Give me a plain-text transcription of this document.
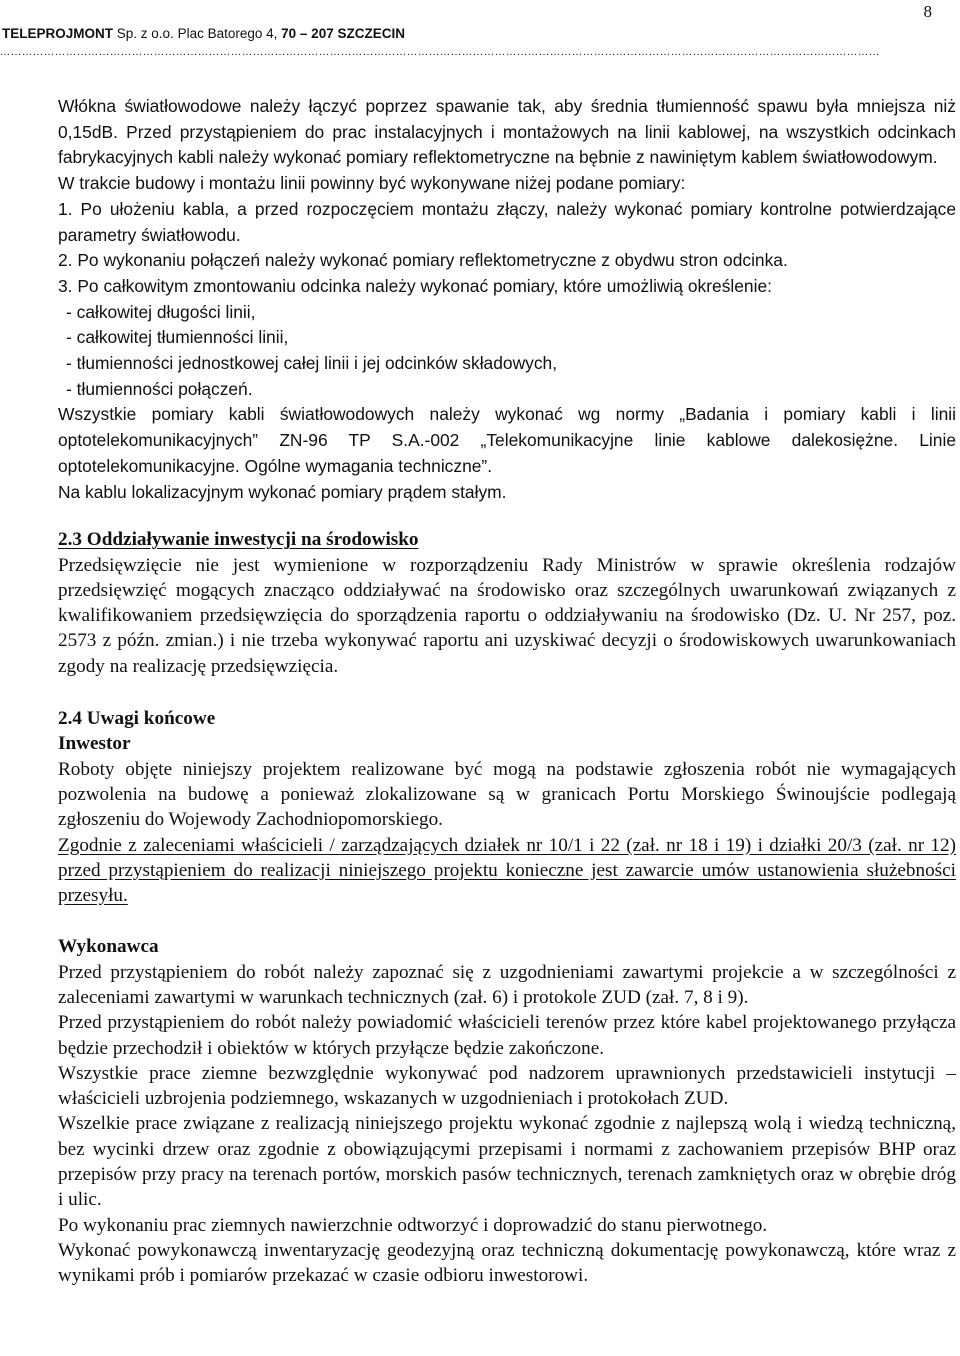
8
TELEPROJMONT Sp. z o.o. Plac Batorego 4, 70 – 207 SZCZECIN
……………………………………………………………………………………………………………………………………………………………………………………………………………………

Włókna światłowodowe należy łączyć poprzez spawanie tak, aby średnia tłumienność spawu była mniejsza niż 0,15dB. Przed przystąpieniem do prac instalacyjnych i montażowych na linii kablowej, na wszystkich odcinkach fabrykacyjnych kabli należy wykonać pomiary reflektometryczne na bębnie z nawiniętym kablem światłowodowym.

W trakcie budowy i montażu linii powinny być wykonywane niżej podane pomiary:

1. Po ułożeniu kabla, a przed rozpoczęciem montażu złączy, należy wykonać pomiary kontrolne potwierdzające parametry światłowodu.

2. Po wykonaniu połączeń należy wykonać pomiary reflektometryczne z obydwu stron odcinka.

3. Po całkowitym zmontowaniu odcinka należy wykonać pomiary, które umożliwią określenie:

- całkowitej długości linii,

- całkowitej tłumienności linii,

- tłumienności jednostkowej całej linii i jej odcinków składowych,

- tłumienności połączeń.

Wszystkie pomiary kabli światłowodowych należy wykonać wg normy „Badania i pomiary kabli i linii optotelekomunikacyjnych” ZN-96 TP S.A.-002 „Telekomunikacyjne linie kablowe dalekosiężne. Linie optotelekomunikacyjne. Ogólne wymagania techniczne”.

Na kablu lokalizacyjnym wykonać pomiary prądem stałym.

2.3 Oddziaływanie inwestycji na środowisko

Przedsięwzięcie nie jest wymienione w rozporządzeniu Rady Ministrów w sprawie określenia rodzajów przedsięwzięć mogących znacząco oddziaływać na środowisko oraz szczególnych uwarunkowań związanych z kwalifikowaniem przedsięwzięcia do sporządzenia raportu o oddziaływaniu na środowisko (Dz. U. Nr 257, poz. 2573 z późn. zmian.) i nie trzeba wykonywać raportu ani uzyskiwać decyzji o środowiskowych uwarunkowaniach zgody na realizację przedsięwzięcia.

2.4 Uwagi końcowe

Inwestor

Roboty objęte niniejszy projektem realizowane być mogą na podstawie zgłoszenia robót nie wymagających pozwolenia na budowę a ponieważ zlokalizowane są w granicach Portu Morskiego Świnoujście podlegają zgłoszeniu do Wojewody Zachodniopomorskiego.

Zgodnie z zaleceniami właścicieli / zarządzających działek nr 10/1 i 22 (zał. nr 18 i 19) i działki 20/3 (zał. nr 12) przed przystąpieniem do realizacji niniejszego projektu konieczne jest zawarcie umów ustanowienia służebności przesyłu.

Wykonawca

Przed przystąpieniem do robót należy zapoznać się z uzgodnieniami zawartymi projekcie a w szczególności z zaleceniami zawartymi w warunkach technicznych (zał. 6) i protokole ZUD (zał. 7, 8 i 9).

Przed przystąpieniem do robót należy powiadomić właścicieli terenów przez które kabel projektowanego przyłącza będzie przechodził i obiektów w których przyłącze będzie zakończone.

Wszystkie prace ziemne bezwzględnie wykonywać pod nadzorem uprawnionych przedstawicieli instytucji – właścicieli uzbrojenia podziemnego, wskazanych w uzgodnieniach i protokołach ZUD.

Wszelkie prace związane z realizacją niniejszego projektu wykonać zgodnie z najlepszą wolą i wiedzą techniczną, bez wycinki drzew oraz zgodnie z obowiązującymi przepisami i normami z zachowaniem przepisów BHP oraz przepisów przy pracy na terenach portów, morskich pasów technicznych, terenach zamkniętych oraz w obrębie dróg i ulic.

Po wykonaniu prac ziemnych nawierzchnie odtworzyć i doprowadzić do stanu pierwotnego.

Wykonać powykonawczą inwentaryzację geodezyjną oraz techniczną dokumentację powykonawczą, które wraz z wynikami prób i pomiarów przekazać w czasie odbioru inwestorowi.
